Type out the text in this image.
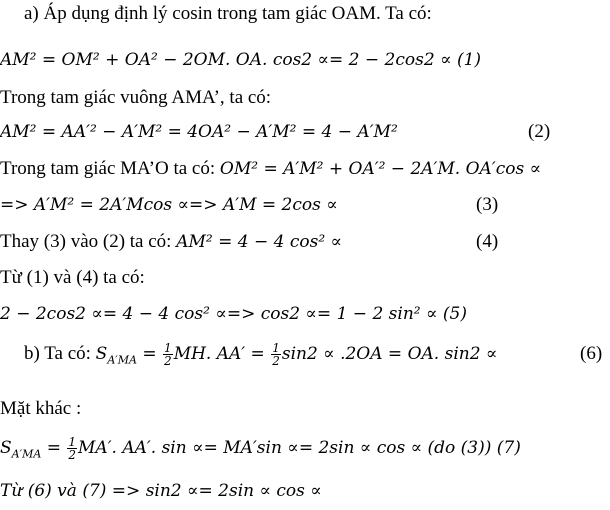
a) Áp dụng định lý cosin trong tam giác OAM. Ta có:
AM² = OM² + OA² − 2OM. OA. cos2 ∝= 2 − 2cos2 ∝ (1)
Trong tam giác vuông AMA’, ta có:
AM² = AA′² − A′M² = 4OA² − A′M² = 4 − A′M²	(2)
Trong tam giác MA’O ta có: OM² = A′M² + OA′² − 2A′M. OA′cos ∝
=> A′M² = 2A′Mcos ∝=> A′M = 2cos ∝	(3)
Thay (3) vào (2) ta có: AM² = 4 − 4 cos² ∝	(4)
Từ (1) và (4) ta có:
2 − 2cos2 ∝= 4 − 4 cos² ∝=> cos2 ∝= 1 − 2 sin² ∝ (5)
b) Ta có: $S_{A'MA} = \frac{1}{2}$ MH. $AA' = \frac{1}{2} \sin 2 \propto .2OA$ = OA. sin2 ∝	(6)
Mặt khác :
$S_{A'MA} = \frac{1}{2} MA'$. AA′. sin ∝= MA′sin ∝= 2sin ∝ cos ∝ (do (3)) (7)
Từ (6) và (7) => sin2 ∝= 2sin ∝ cos ∝
